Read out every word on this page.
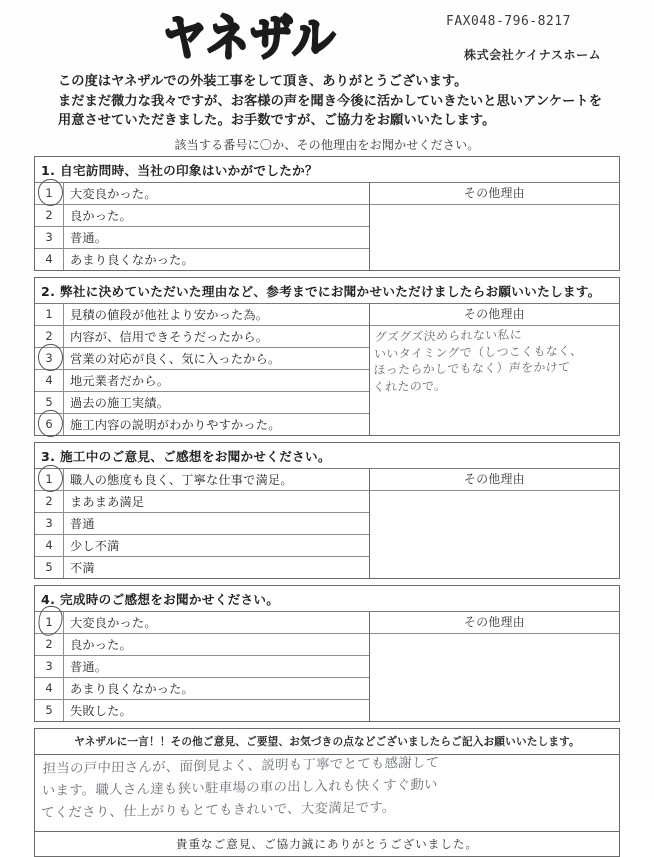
ヤネザル	FAX048-796-8217
株式会社ケイナスホーム
この度はヤネザルでの外装工事をして頂き、ありがとうございます。
まだまだ微力な我々ですが、お客様の声を聞き今後に活かしていきたいと思いアンケートを
用意させていただきました。お手数ですが、ご協力をお願いいたします。
該当する番号に〇か、その他理由をお聞かせください。
1. 自宅訪問時、当社の印象はいかがでしたか？
1	大変良かった。
2	良かった。
3	普通。
4	あまり良くなかった。
その他理由
2. 弊社に決めていただいた理由など、参考までにお聞かせいただけましたらお願いいたします。
1	見積の値段が他社より安かった為。
2	内容が、信用できそうだったから。
3	営業の対応が良く、気に入ったから。
4	地元業者だから。
5	過去の施工実績。
6	施工内容の説明がわかりやすかった。
その他理由
グズグズ決められない私に
いいタイミングで（しつこくもなく、
ほったらかしでもなく）声をかけて
くれたので。
3. 施工中のご意見、ご感想をお聞かせください。
1	職人の態度も良く、丁寧な仕事で満足。
2	まあまあ満足
3	普通
4	少し不満
5	不満
その他理由
4. 完成時のご感想をお聞かせください。
1	大変良かった。
2	良かった。
3	普通。
4	あまり良くなかった。
5	失敗した。
その他理由
ヤネザルに一言！！その他ご意見、ご要望、お気づきの点などございましたらご記入お願いいたします。
担当の戸中田さんが、面倒見よく、説明も丁寧でとても感謝して
います。職人さん達も狭い駐車場の車の出し入れも快くすぐ動い
てくださり、仕上がりもとてもきれいで、大変満足です。
貴重なご意見、ご協力誠にありがとうございました。
